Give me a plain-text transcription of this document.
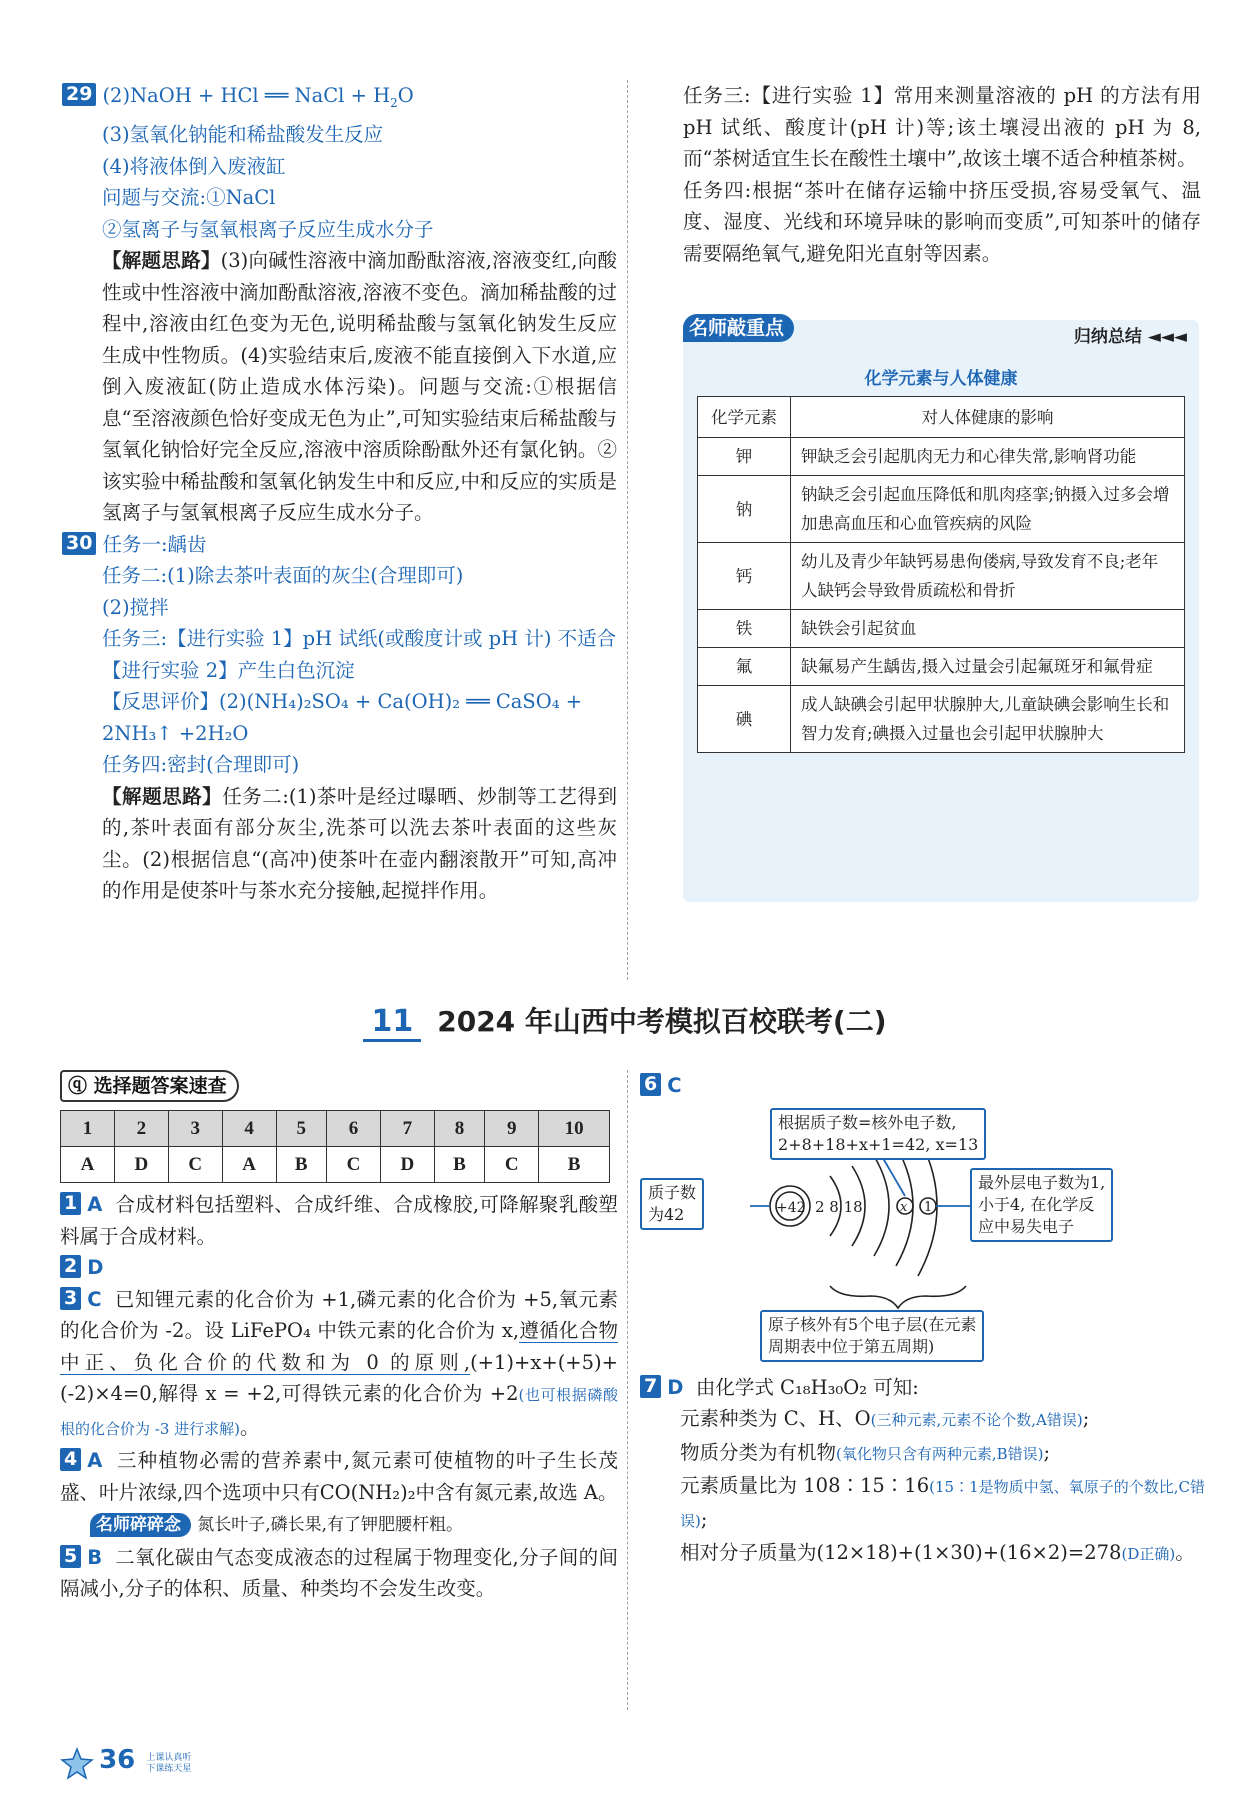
29 (2)NaOH + HCl ══ NaCl + $H_2O$
(3)氢氧化钠能和稀盐酸发生反应
(4)将液体倒入废液缸
问题与交流:①NaCl
②氢离子与氢氧根离子反应生成水分子

【解题思路】(3)向碱性溶液中滴加酚酞溶液,溶液变红,向酸性或中性溶液中滴加酚酞溶液,溶液不变色。滴加稀盐酸的过程中,溶液由红色变为无色,说明稀盐酸与氢氧化钠发生反应生成中性物质。(4)实验结束后,废液不能直接倒入下水道,应倒入废液缸(防止造成水体污染)。问题与交流:①根据信息“至溶液颜色恰好变成无色为止”,可知实验结束后稀盐酸与氢氧化钠恰好完全反应,溶液中溶质除酚酞外还有氯化钠。②该实验中稀盐酸和氢氧化钠发生中和反应,中和反应的实质是氢离子与氢氧根离子反应生成水分子。

30 任务一:龋齿
任务二:(1)除去茶叶表面的灰尘(合理即可)
(2)搅拌
任务三:【进行实验 1】pH 试纸(或酸度计或 pH 计) 不适合
【进行实验 2】产生白色沉淀
【反思评价】(2)(NH₄)₂SO₄ + Ca(OH)₂ ══ CaSO₄ + 2NH₃↑ +2H₂O
任务四:密封(合理即可)

【解题思路】任务二:(1)茶叶是经过曝晒、炒制等工艺得到的,茶叶表面有部分灰尘,洗茶可以洗去茶叶表面的这些灰尘。(2)根据信息“(高冲)使茶叶在壶内翻滚散开”可知,高冲的作用是使茶叶与茶水充分接触,起搅拌作用。

任务三:【进行实验 1】常用来测量溶液的 pH 的方法有用 pH 试纸、酸度计(pH 计)等;该土壤浸出液的 pH 为 8,而“茶树适宜生长在酸性土壤中”,故该土壤不适合种植茶树。

任务四:根据“茶叶在储存运输中挤压受损,容易受氧气、温度、湿度、光线和环境异味的影响而变质”,可知茶叶的储存需要隔绝氧气,避免阳光直射等因素。

名师敲重点	归纳总结 ◄◄◄
化学元素与人体健康
化学元素	对人体健康的影响
钾	钾缺乏会引起肌肉无力和心律失常,影响肾功能
钠	钠缺乏会引起血压降低和肌肉痉挛;钠摄入过多会增加患高血压和心血管疾病的风险
钙	幼儿及青少年缺钙易患佝偻病,导致发育不良;老年人缺钙会导致骨质疏松和骨折
铁	缺铁会引起贫血
氟	缺氟易产生龋齿,摄入过量会引起氟斑牙和氟骨症
碘	成人缺碘会引起甲状腺肿大,儿童缺碘会影响生长和智力发育;碘摄入过量也会引起甲状腺肿大
11 2024 年山西中考模拟百校联考(二)
ⓠ 选择题答案速查
1	2	3	4	5	6	7	8	9	10
A	D	C	A	B	C	D	B	C	B

1 A 合成材料包括塑料、合成纤维、合成橡胶,可降解聚乳酸塑料属于合成材料。

2 D

3 C 已知锂元素的化合价为 +1,磷元素的化合价为 +5,氧元素的化合价为 -2。设 LiFePO₄ 中铁元素的化合价为 x,遵循化合物中正、负化合价的代数和为 0 的原则,(+1)+x+(+5)+(-2)×4=0,解得 x = +2,可得铁元素的化合价为 +2(也可根据磷酸根的化合价为 -3 进行求解)。

4 A 三种植物必需的营养素中,氮元素可使植物的叶子生长茂盛、叶片浓绿,四个选项中只有CO(NH₂)₂中含有氮元素,故选 A。

名师碎碎念 氮长叶子,磷长果,有了钾肥腰杆粗。

5 B 二氧化碳由气态变成液态的过程属于物理变化,分子间的间隔减小,分子的体积、质量、种类均不会发生改变。

6 C

+42 2 8 18	x 1
根据质子数=核外电子数,
2+8+18+x+1=42, x=13
质子数
为42
最外层电子数为1,
小于4, 在化学反
应中易失电子
原子核外有5个电子层(在元素
周期表中位于第五周期)

7 D 由化学式 C₁₈H₃₀O₂ 可知:

元素种类为 C、H、O(三种元素,元素不论个数,A错误);

物质分类为有机物(氧化物只含有两种元素,B错误);

元素质量比为 108∶15∶16(15∶1是物质中氢、氧原子的个数比,C错误);

相对分子质量为(12×18)+(1×30)+(16×2)=278(D正确)。

36 上课认真听
下课练天星
